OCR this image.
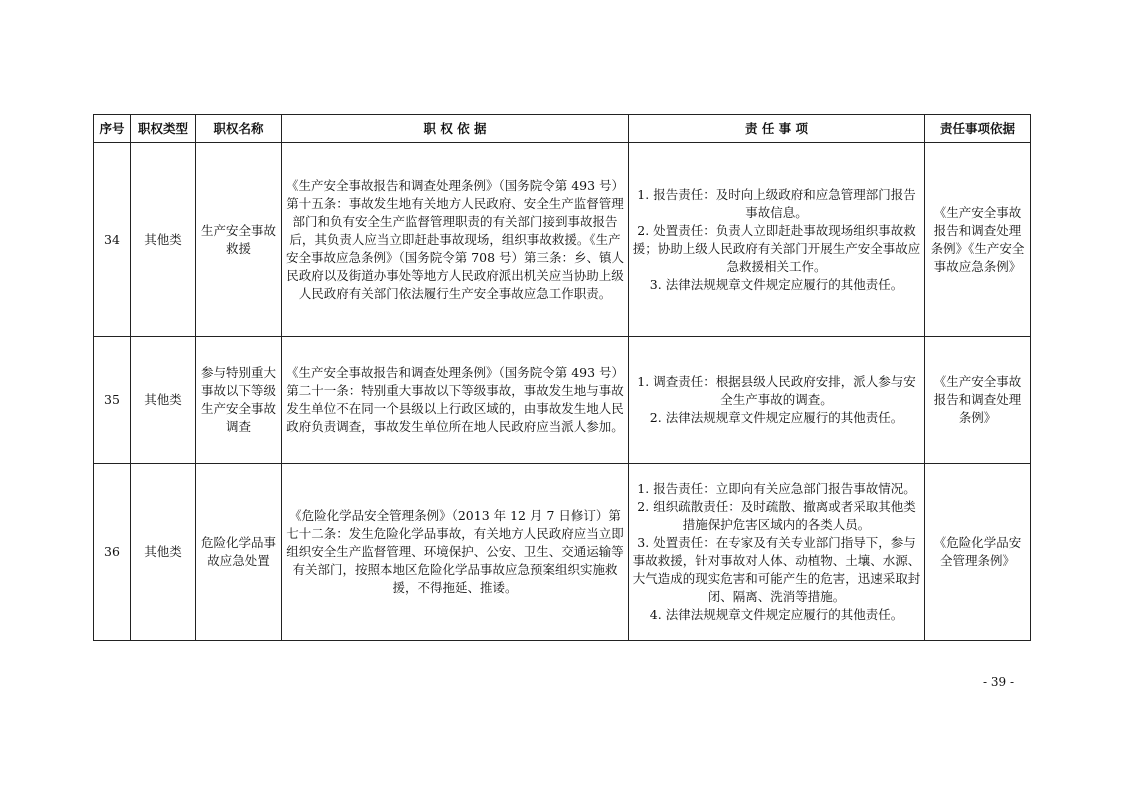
序号	职权类型	职权名称	职 权 依 据	责 任 事 项	责任事项依据
34	其他类	生产安全事故救援	《生产安全事故报告和调查处理条例》（国务院令第 493 号）第十五条：事故发生地有关地方人民政府、安全生产监督管理部门和负有安全生产监督管理职责的有关部门接到事故报告后，其负责人应当立即赶赴事故现场，组织事故救援。《生产安全事故应急条例》（国务院令第 708 号）第三条：乡、镇人民政府以及街道办事处等地方人民政府派出机关应当协助上级人民政府有关部门依法履行生产安全事故应急工作职责。	1. 报告责任：及时向上级政府和应急管理部门报告事故信息。
2. 处置责任：负责人立即赶赴事故现场组织事故救援；协助上级人民政府有关部门开展生产安全事故应急救援相关工作。
3. 法律法规规章文件规定应履行的其他责任。	《生产安全事故报告和调查处理条例》《生产安全事故应急条例》
35	其他类	参与特别重大事故以下等级生产安全事故调查	《生产安全事故报告和调查处理条例》（国务院令第 493 号）第二十一条：特别重大事故以下等级事故，事故发生地与事故发生单位不在同一个县级以上行政区域的，由事故发生地人民政府负责调查，事故发生单位所在地人民政府应当派人参加。	1. 调查责任：根据县级人民政府安排，派人参与安全生产事故的调查。
2. 法律法规规章文件规定应履行的其他责任。	《生产安全事故报告和调查处理条例》
36	其他类	危险化学品事故应急处置	《危险化学品安全管理条例》（2013 年 12 月 7 日修订）第七十二条：发生危险化学品事故，有关地方人民政府应当立即组织安全生产监督管理、环境保护、公安、卫生、交通运输等有关部门，按照本地区危险化学品事故应急预案组织实施救援，不得拖延、推诿。	1. 报告责任：立即向有关应急部门报告事故情况。
2. 组织疏散责任：及时疏散、撤离或者采取其他类措施保护危害区域内的各类人员。
3. 处置责任：在专家及有关专业部门指导下，参与事故救援，针对事故对人体、动植物、土壤、水源、大气造成的现实危害和可能产生的危害，迅速采取封闭、隔离、洗消等措施。
4. 法律法规规章文件规定应履行的其他责任。	《危险化学品安全管理条例》
- 39 -
